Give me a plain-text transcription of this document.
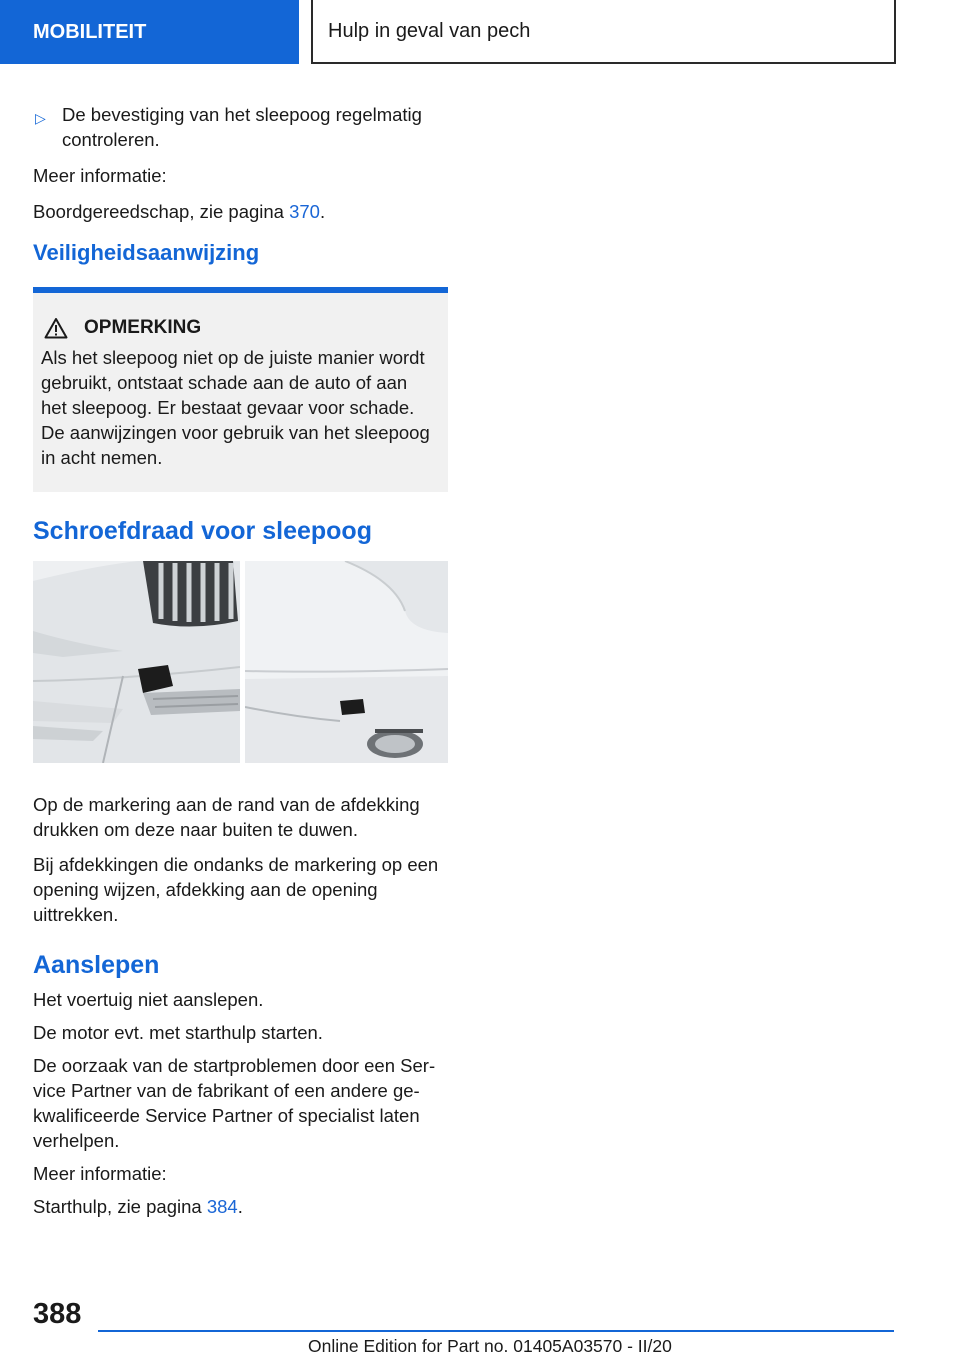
MOBILITEIT	Hulp in geval van pech
▷ De bevestiging van het sleepoog regelmatig controleren.

Meer informatie:

Boordgereedschap, zie pagina 370.

Veiligheidsaanwijzing
OPMERKING

Als het sleepoog niet op de juiste manier wordt gebruikt, ontstaat schade aan de auto of aan het sleepoog. Er bestaat gevaar voor schade. De aanwijzingen voor gebruik van het sleepoog in acht nemen.

Schroefdraad voor sleepoog

Op de markering aan de rand van de afdekking drukken om deze naar buiten te duwen.

Bij afdekkingen die ondanks de markering op een opening wijzen, afdekking aan de opening uittrekken.

Aanslepen

Het voertuig niet aanslepen.

De motor evt. met starthulp starten.

De oorzaak van de startproblemen door een Service Partner van de fabrikant of een andere gekwalificeerde Service Partner of specialist laten verhelpen.

Meer informatie:

Starthulp, zie pagina 384.

388
Online Edition for Part no. 01405A03570 - II/20
